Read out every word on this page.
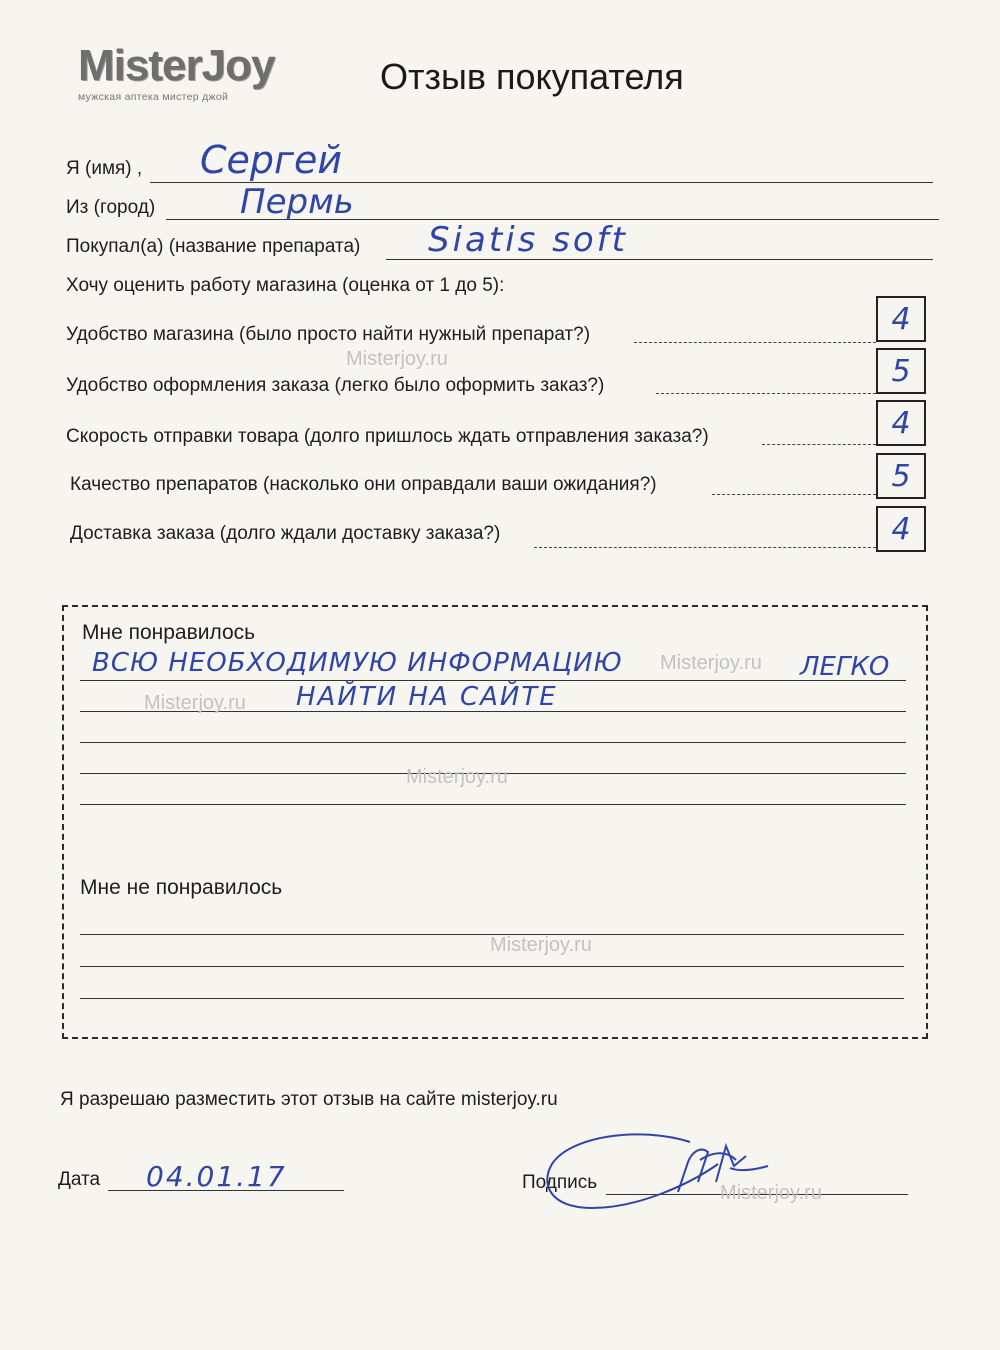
MisterJoy
мужская аптека мистер джой	Отзыв покупателя
Я (имя) , Сергей
Из (город) Пермь
Покупал(а) (название препарата) Siatis soft
Хочу оценить работу магазина (оценка от 1 до 5):
Удобство магазина (было просто найти нужный препарат?)	4
Удобство оформления заказа (легко было оформить заказ?)	5
Скорость отправки товара (долго пришлось ждать отправления заказа?)	4
Качество препаратов (насколько они оправдали ваши ожидания?)	5
Доставка заказа (долго ждали доставку заказа?)	4
Misterjoy.ru
Мне понравилось
ВСЮ НЕОБХОДИМУЮ ИНФОРМАЦИЮ	ЛЕГКО
НАЙТИ НА САЙТЕ
Misterjoy.ru
Misterjoy.ru
Misterjoy.ru
Мне не понравилось
Misterjoy.ru
Я разрешаю разместить этот отзыв на сайте misterjoy.ru
Дата 04.01.17	Подпись	Misterjoy.ru
